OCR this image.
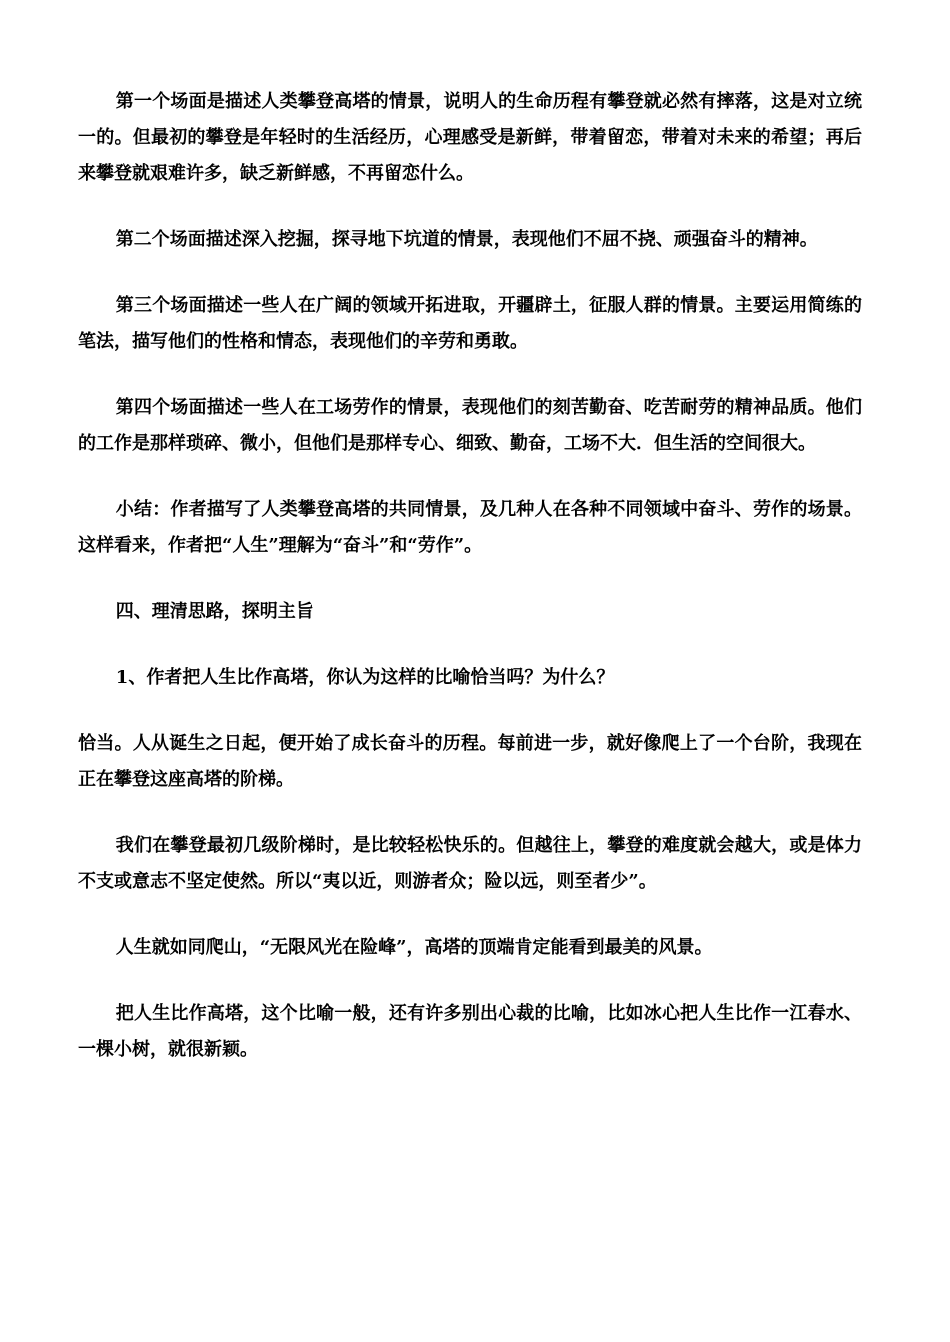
第一个场面是描述人类攀登高塔的情景，说明人的生命历程有攀登就必然有摔落，这是对立统一的。但最初的攀登是年轻时的生活经历，心理感受是新鲜，带着留恋，带着对未来的希望；再后来攀登就艰难许多，缺乏新鲜感，不再留恋什么。

第二个场面描述深入挖掘，探寻地下坑道的情景，表现他们不屈不挠、顽强奋斗的精神。

第三个场面描述一些人在广阔的领域开拓进取，开疆辟土，征服人群的情景。主要运用简练的笔法，描写他们的性格和情态，表现他们的辛劳和勇敢。

第四个场面描述一些人在工场劳作的情景，表现他们的刻苦勤奋、吃苦耐劳的精神品质。他们的工作是那样琐碎、微小，但他们是那样专心、细致、勤奋，工场不大．但生活的空间很大。

小结：作者描写了人类攀登高塔的共同情景，及几种人在各种不同领域中奋斗、劳作的场景。这样看来，作者把“人生”理解为“奋斗”和“劳作”。

四、理清思路，探明主旨

1、作者把人生比作高塔，你认为这样的比喻恰当吗？为什么？

恰当。人从诞生之日起，便开始了成长奋斗的历程。每前进一步，就好像爬上了一个台阶，我现在正在攀登这座高塔的阶梯。

我们在攀登最初几级阶梯时，是比较轻松快乐的。但越往上，攀登的难度就会越大，或是体力不支或意志不坚定使然。所以“夷以近，则游者众；险以远，则至者少”。

人生就如同爬山，“无限风光在险峰”，高塔的顶端肯定能看到最美的风景。

把人生比作高塔，这个比喻一般，还有许多别出心裁的比喻，比如冰心把人生比作一江春水、一棵小树，就很新颖。
